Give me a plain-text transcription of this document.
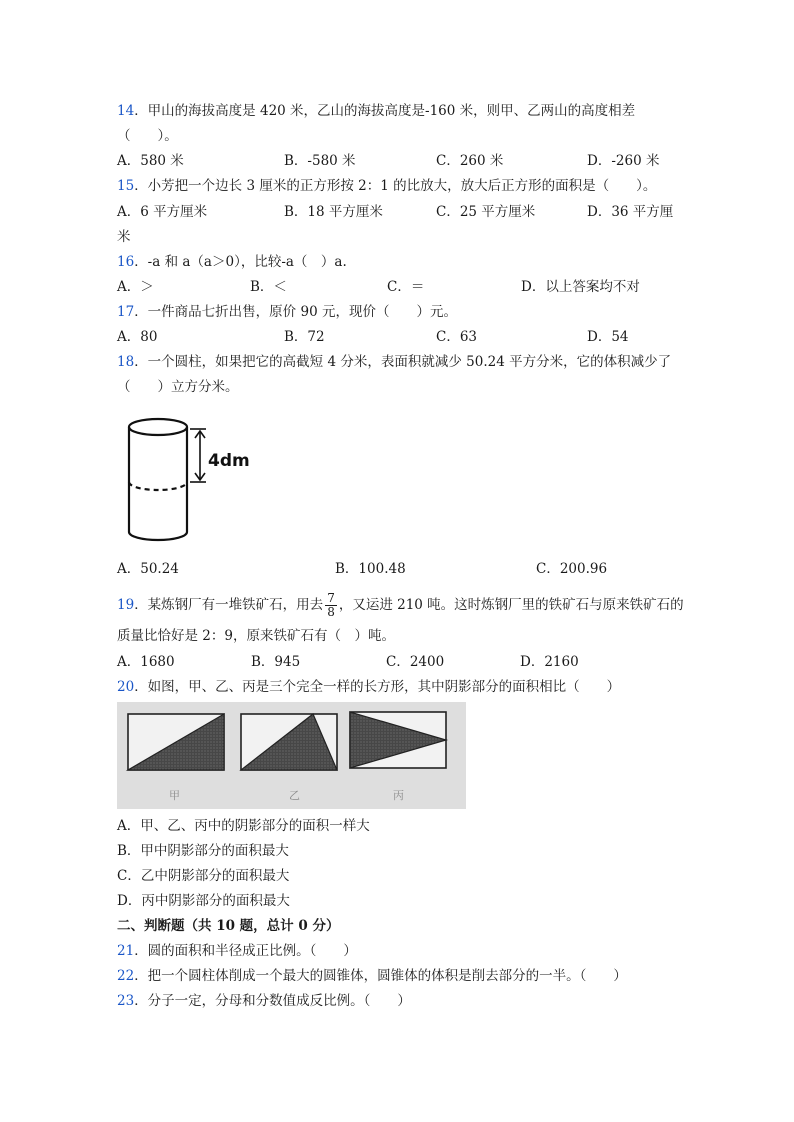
14．甲山的海拔高度是 420 米，乙山的海拔高度是-160 米，则甲、乙两山的高度相差
（　　）。
A．580 米	B．-580 米	C．260 米	D．-260 米
15．小芳把一个边长 3 厘米的正方形按 2：1 的比放大，放大后正方形的面积是（　　）。
A．6 平方厘米	B．18 平方厘米	C．25 平方厘米	D．36 平方厘
米
16．-a 和 a（a＞0），比较-a（　）a.
A．＞	B．＜	C．＝	D．以上答案均不对
17．一件商品七折出售，原价 90 元，现价（　　）元。
A．80	B．72	C．63	D．54
18．一个圆柱，如果把它的高截短 4 分米，表面积就减少 50.24 平方分米，它的体积减少了
（　　）立方分米。
4dm
A．50.24	B．100.48	C．200.96
19．某炼钢厂有一堆铁矿石，用去 $\frac{7}{8}$ ，又运进 210 吨。这时炼钢厂里的铁矿石与原来铁矿石的
质量比恰好是 2：9，原来铁矿石有（　）吨。
A．1680	B．945	C．2400	D．2160
20．如图，甲、乙、丙是三个完全一样的长方形，其中阴影部分的面积相比（　　）
甲	乙	丙
A．甲、乙、丙中的阴影部分的面积一样大
B．甲中阴影部分的面积最大
C．乙中阴影部分的面积最大
D．丙中阴影部分的面积最大
二、判断题（共 10 题，总计 0 分）
21．圆的面积和半径成正比例。（　　）
22．把一个圆柱体削成一个最大的圆锥体，圆锥体的体积是削去部分的一半。（　　）
23．分子一定，分母和分数值成反比例。（　　）
